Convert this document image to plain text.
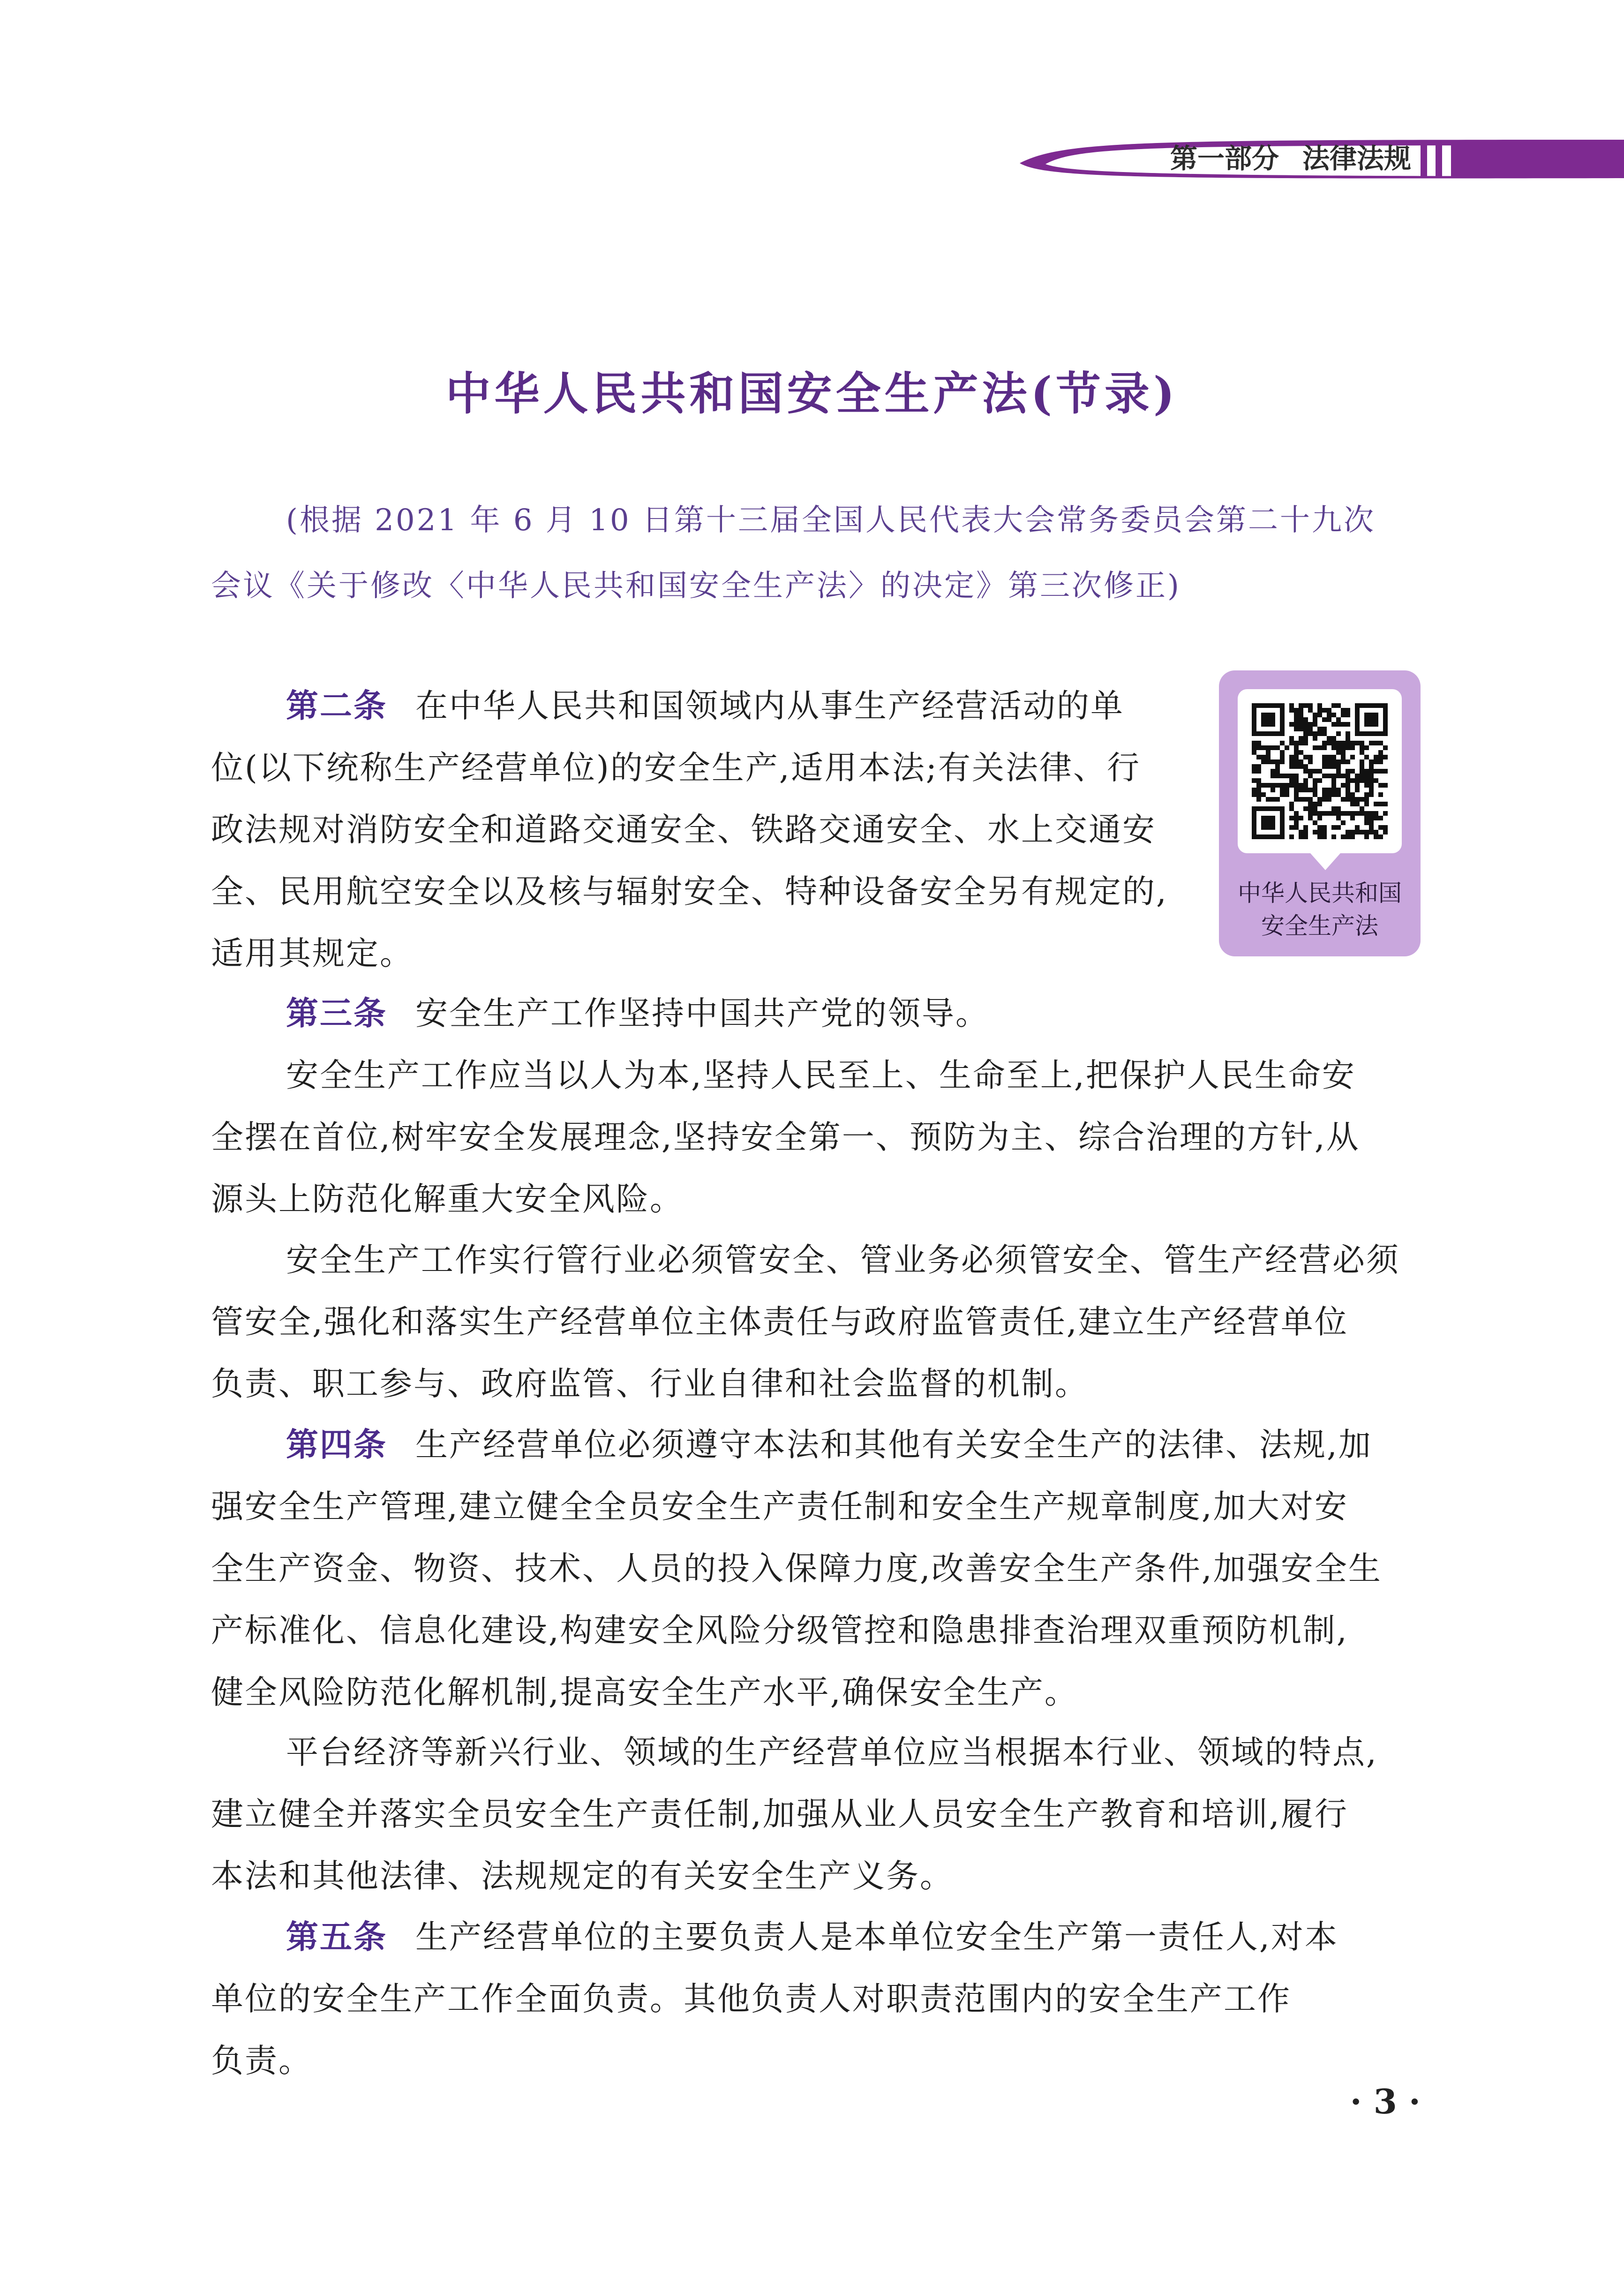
第一部分 法律法规
中华人民共和国安全生产法(节录)
(根据 2021 年 6 月 10 日第十三届全国人民代表大会常务委员会第二十九次
会议《关于修改〈中华人民共和国安全生产法〉的决定》第三次修正)
中华人民共和国
安全生产法
第二条 在中华人民共和国领域内从事生产经营活动的单
位(以下统称生产经营单位)的安全生产,适用本法;有关法律、行
政法规对消防安全和道路交通安全、铁路交通安全、水上交通安
全、民用航空安全以及核与辐射安全、特种设备安全另有规定的,
适用其规定。
第三条 安全生产工作坚持中国共产党的领导。
安全生产工作应当以人为本,坚持人民至上、生命至上,把保护人民生命安
全摆在首位,树牢安全发展理念,坚持安全第一、预防为主、综合治理的方针,从
源头上防范化解重大安全风险。
安全生产工作实行管行业必须管安全、管业务必须管安全、管生产经营必须
管安全,强化和落实生产经营单位主体责任与政府监管责任,建立生产经营单位
负责、职工参与、政府监管、行业自律和社会监督的机制。
第四条 生产经营单位必须遵守本法和其他有关安全生产的法律、法规,加
强安全生产管理,建立健全全员安全生产责任制和安全生产规章制度,加大对安
全生产资金、物资、技术、人员的投入保障力度,改善安全生产条件,加强安全生
产标准化、信息化建设,构建安全风险分级管控和隐患排查治理双重预防机制,
健全风险防范化解机制,提高安全生产水平,确保安全生产。
平台经济等新兴行业、领域的生产经营单位应当根据本行业、领域的特点,
建立健全并落实全员安全生产责任制,加强从业人员安全生产教育和培训,履行
本法和其他法律、法规规定的有关安全生产义务。
第五条 生产经营单位的主要负责人是本单位安全生产第一责任人,对本
单位的安全生产工作全面负责。其他负责人对职责范围内的安全生产工作
负责。
· 3 ·
